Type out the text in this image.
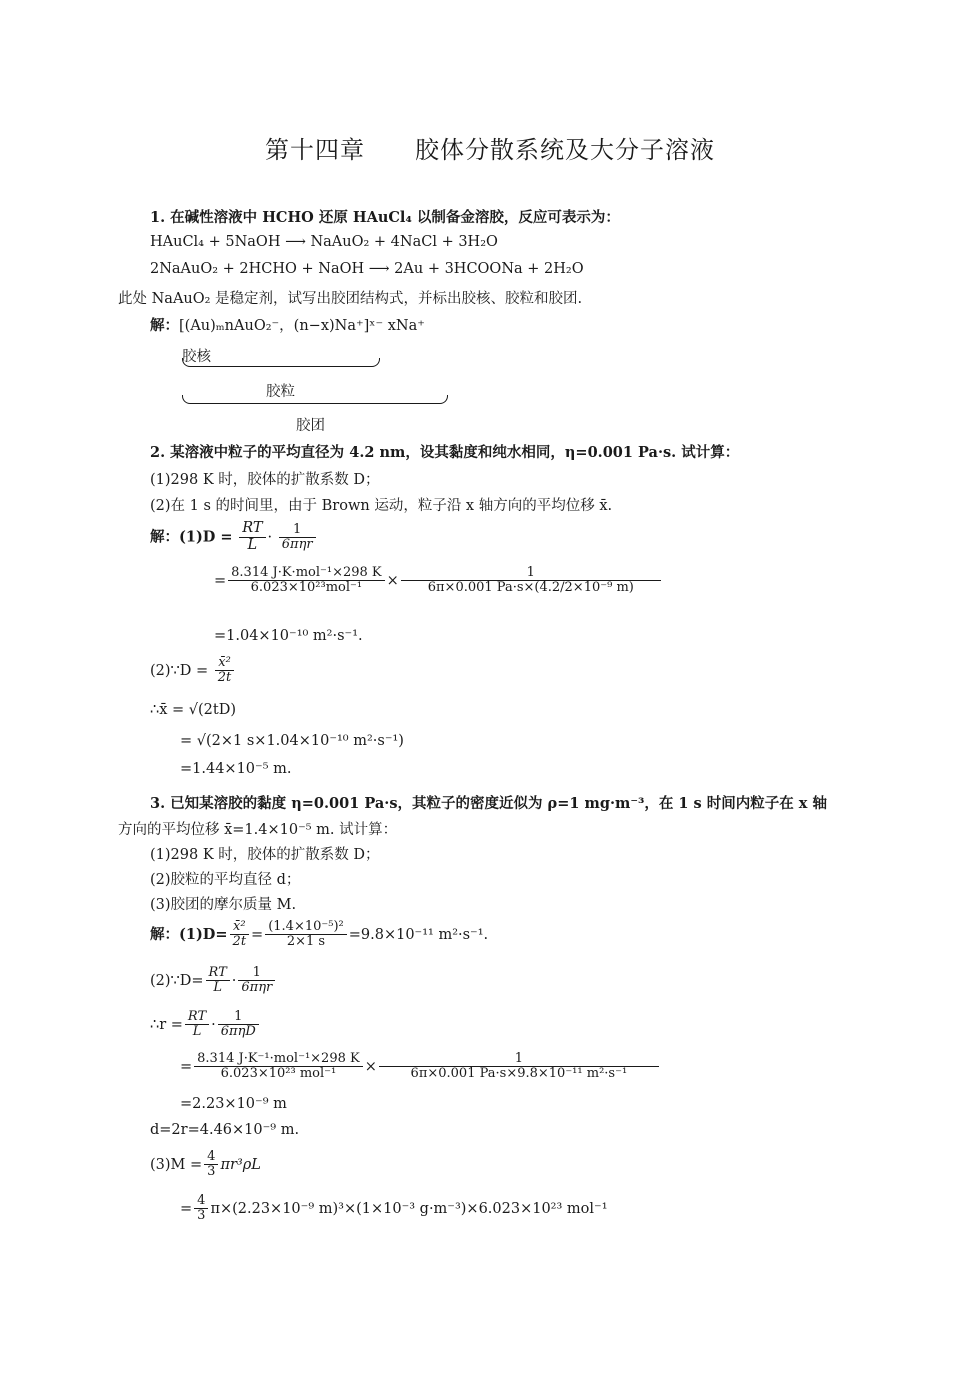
第十四章　　胶体分散系统及大分子溶液
1. 在碱性溶液中 HCHO 还原 HAuCl₄ 以制备金溶胶，反应可表示为：
HAuCl₄ + 5NaOH ⟶ NaAuO₂ + 4NaCl + 3H₂O
2NaAuO₂ + 2HCHO + NaOH ⟶ 2Au + 3HCOONa + 2H₂O
此处 NaAuO₂ 是稳定剂，试写出胶团结构式，并标出胶核、胶粒和胶团.
解：[(Au)ₘnAuO₂⁻，(n−x)Na⁺]ˣ⁻ xNa⁺
胶核
胶粒
胶团
2. 某溶液中粒子的平均直径为 4.2 nm，设其黏度和纯水相同，η=0.001 Pa·s. 试计算：
(1)298 K 时，胶体的扩散系数 D；
(2)在 1 s 的时间里，由于 Brown 运动，粒子沿 x 轴方向的平均位移 x̄.
解：$(1)D = \frac{RT}{L} \cdot \frac{1}{\text{6πηr}}$
= $\frac{\text{8.314 J·K·mol⁻¹×298 K}}{\text{6.023×10²³mol⁻¹}} \times \frac{1}{\text{6π×0.001 Pa·s×(4.2/2×10⁻⁹ m)}}$
=1.04×10⁻¹⁰ m²·s⁻¹.
(2)∵D = $\frac{\text{x̄²}}{2t}$
∴x̄ = √(2tD)
= √(2×1 s×1.04×10⁻¹⁰ m²·s⁻¹)
=1.44×10⁻⁵ m.
3. 已知某溶胶的黏度 η=0.001 Pa·s，其粒子的密度近似为 ρ=1 mg·m⁻³，在 1 s 时间内粒子在 x 轴
方向的平均位移 x̄=1.4×10⁻⁵ m. 试计算：
(1)298 K 时，胶体的扩散系数 D；
(2)胶粒的平均直径 d；
(3)胶团的摩尔质量 M.
解：$(1)D= \frac{\text{x̄²}}{2t} = \frac{\text{(1.4×10⁻⁵)²}}{2\times 1 s} =9.8\times 10^{-11}$ m²·s⁻¹.
(2)∵D= $\frac{RT}{L} \cdot \frac{1}{\text{6πηr}}$
∴r = $\frac{RT}{L} \cdot \frac{1}{\text{6πηD}}$
= $\frac{\text{8.314 J·K⁻¹·mol⁻¹×298 K}}{\text{6.023×10²³ mol⁻¹}} \times \frac{1}{\text{6π×0.001 Pa·s×9.8×10⁻¹¹ m²·s⁻¹}}$
=2.23×10⁻⁹ m
d=2r=4.46×10⁻⁹ m.
$(3)M = \frac{4}{3} \pi r^3\rho L$
= $\frac{4}{3} \pi\times(2.23\times 10^{-9}$ m)³×(1×10⁻³ g·m⁻³)×6.023×10²³ mol⁻¹
